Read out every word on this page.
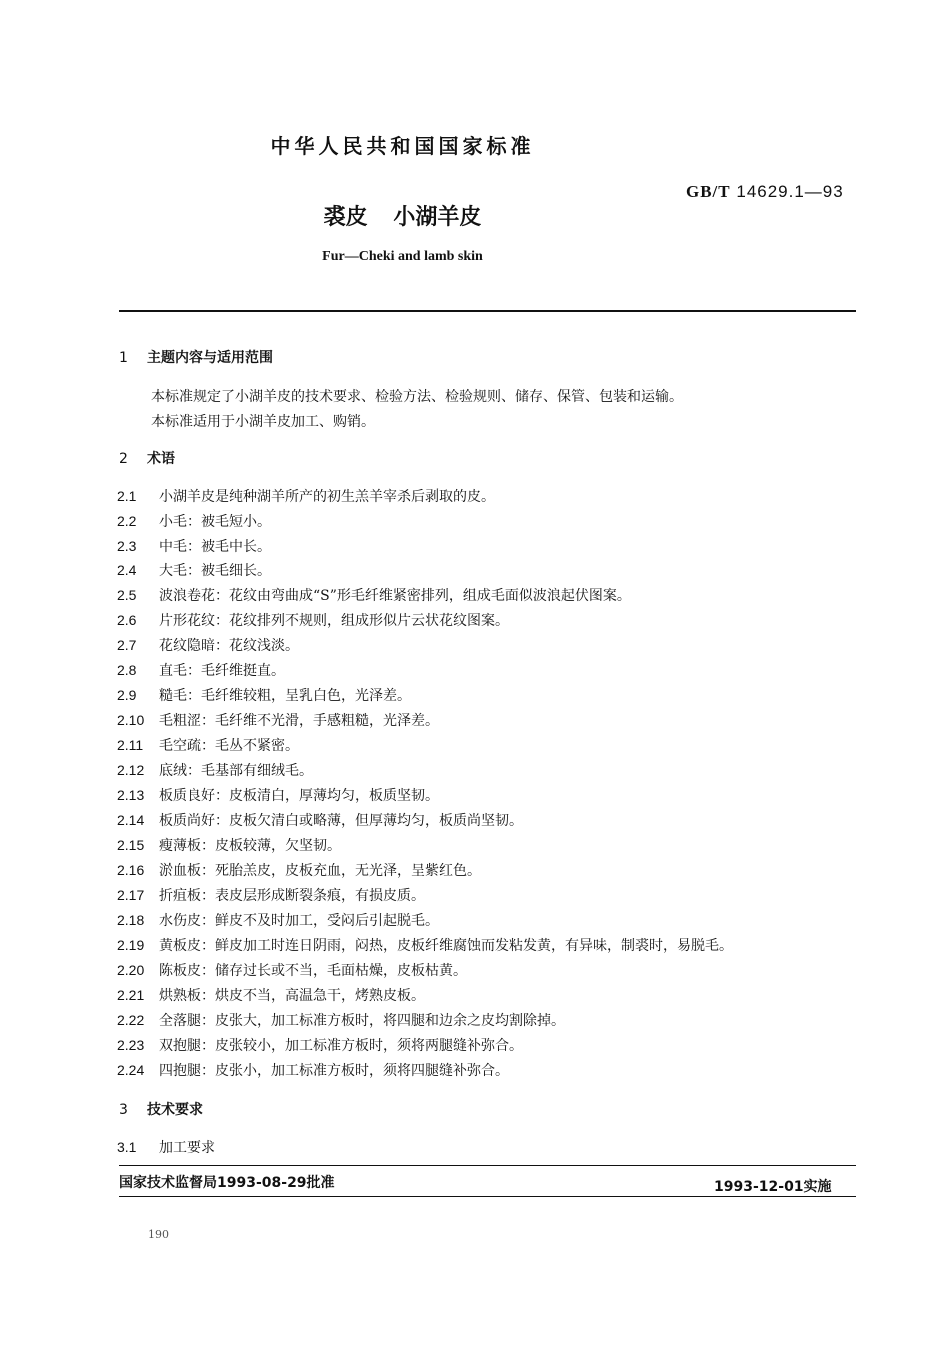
中华人民共和国国家标准
GB/T 14629.1—93
裘皮 小湖羊皮
Fur—Cheki and lamb skin
1 主题内容与适用范围
本标准规定了小湖羊皮的技术要求、检验方法、检验规则、储存、保管、包装和运输。
本标准适用于小湖羊皮加工、购销。
2 术语
2.1 小湖羊皮是纯种湖羊所产的初生羔羊宰杀后剥取的皮。
2.2 小毛：被毛短小。
2.3 中毛：被毛中长。
2.4 大毛：被毛细长。
2.5 波浪卷花：花纹由弯曲成“S”形毛纤维紧密排列，组成毛面似波浪起伏图案。
2.6 片形花纹：花纹排列不规则，组成形似片云状花纹图案。
2.7 花纹隐暗：花纹浅淡。
2.8 直毛：毛纤维挺直。
2.9 糙毛：毛纤维较粗，呈乳白色，光泽差。
2.10 毛粗涩：毛纤维不光滑，手感粗糙，光泽差。
2.11 毛空疏：毛丛不紧密。
2.12 底绒：毛基部有细绒毛。
2.13 板质良好：皮板清白，厚薄均匀，板质坚韧。
2.14 板质尚好：皮板欠清白或略薄，但厚薄均匀，板质尚坚韧。
2.15 瘦薄板：皮板较薄，欠坚韧。
2.16 淤血板：死胎羔皮，皮板充血，无光泽，呈紫红色。
2.17 折疽板：表皮层形成断裂条痕，有损皮质。
2.18 水伤皮：鲜皮不及时加工，受闷后引起脱毛。
2.19 黄板皮：鲜皮加工时连日阴雨，闷热，皮板纤维腐蚀而发粘发黄，有异味，制裘时，易脱毛。
2.20 陈板皮：储存过长或不当，毛面枯燥，皮板枯黄。
2.21 烘熟板：烘皮不当，高温急干，烤熟皮板。
2.22 全落腿：皮张大，加工标准方板时，将四腿和边余之皮均割除掉。
2.23 双抱腿：皮张较小，加工标准方板时，须将两腿缝补弥合。
2.24 四抱腿：皮张小，加工标准方板时，须将四腿缝补弥合。
3 技术要求
3.1 加工要求
国家技术监督局1993-08-29批准	1993-12-01实施
190
